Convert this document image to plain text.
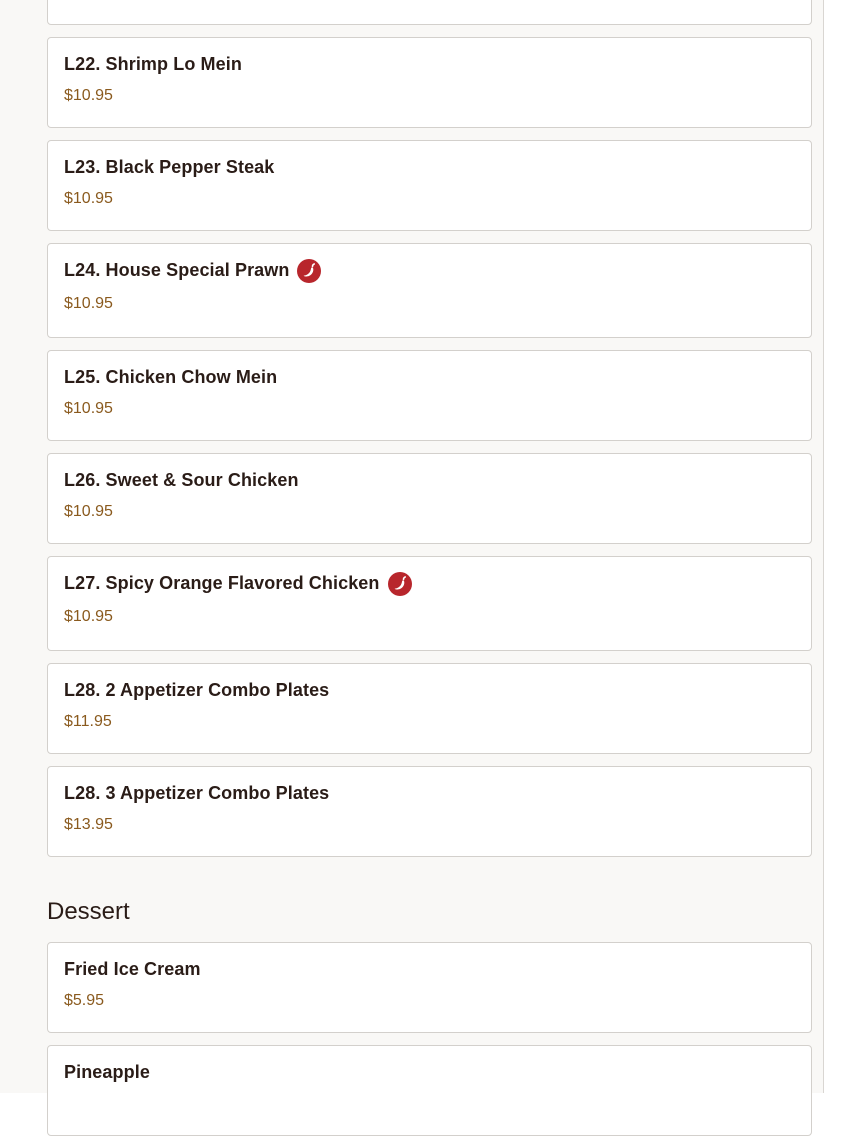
L22. Shrimp Lo Mein
$10.95
L23. Black Pepper Steak
$10.95
L24. House Special Prawn
$10.95
L25. Chicken Chow Mein
$10.95
L26. Sweet & Sour Chicken
$10.95
L27. Spicy Orange Flavored Chicken
$10.95
L28. 2 Appetizer Combo Plates
$11.95
L28. 3 Appetizer Combo Plates
$13.95
Dessert
Fried Ice Cream
$5.95
Pineapple
